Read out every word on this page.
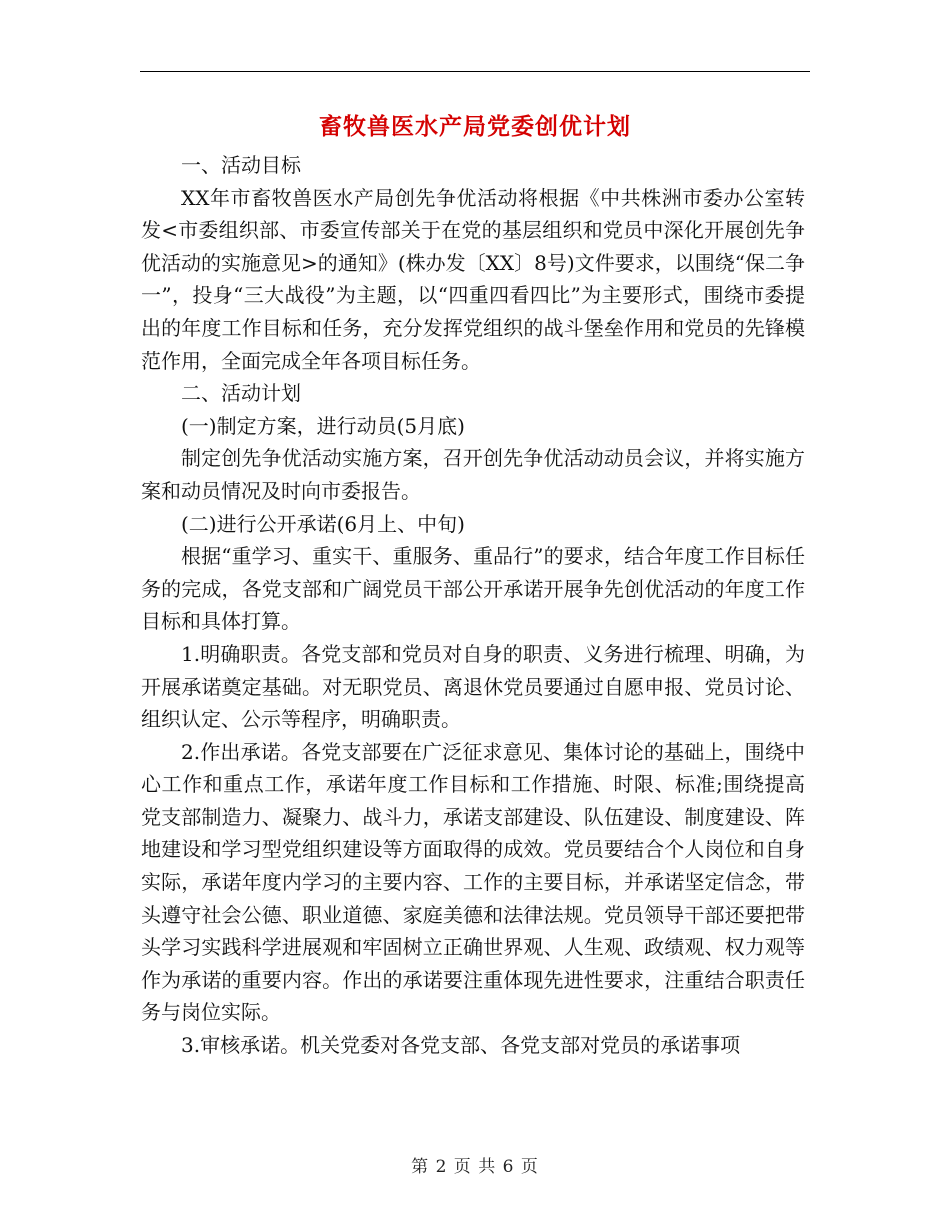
畜牧兽医水产局党委创优计划

一、活动目标

XX年市畜牧兽医水产局创先争优活动将根据《中共株洲市委办公室转发<市委组织部、市委宣传部关于在党的基层组织和党员中深化开展创先争优活动的实施意见>的通知》(株办发〔XX〕8号)文件要求，以围绕“保二争一”，投身“三大战役”为主题，以“四重四看四比”为主要形式，围绕市委提出的年度工作目标和任务，充分发挥党组织的战斗堡垒作用和党员的先锋模范作用，全面完成全年各项目标任务。

二、活动计划

(一)制定方案，进行动员(5月底)

制定创先争优活动实施方案，召开创先争优活动动员会议，并将实施方案和动员情况及时向市委报告。

(二)进行公开承诺(6月上、中旬)

根据“重学习、重实干、重服务、重品行”的要求，结合年度工作目标任务的完成，各党支部和广阔党员干部公开承诺开展争先创优活动的年度工作目标和具体打算。

1.明确职责。各党支部和党员对自身的职责、义务进行梳理、明确，为开展承诺奠定基础。对无职党员、离退休党员要通过自愿申报、党员讨论、组织认定、公示等程序，明确职责。

2.作出承诺。各党支部要在广泛征求意见、集体讨论的基础上，围绕中心工作和重点工作，承诺年度工作目标和工作措施、时限、标准;围绕提高党支部制造力、凝聚力、战斗力，承诺支部建设、队伍建设、制度建设、阵地建设和学习型党组织建设等方面取得的成效。党员要结合个人岗位和自身实际，承诺年度内学习的主要内容、工作的主要目标，并承诺坚定信念，带头遵守社会公德、职业道德、家庭美德和法律法规。党员领导干部还要把带头学习实践科学进展观和牢固树立正确世界观、人生观、政绩观、权力观等作为承诺的重要内容。作出的承诺要注重体现先进性要求，注重结合职责任务与岗位实际。

3.审核承诺。机关党委对各党支部、各党支部对党员的承诺事项

第 2 页 共 6 页
